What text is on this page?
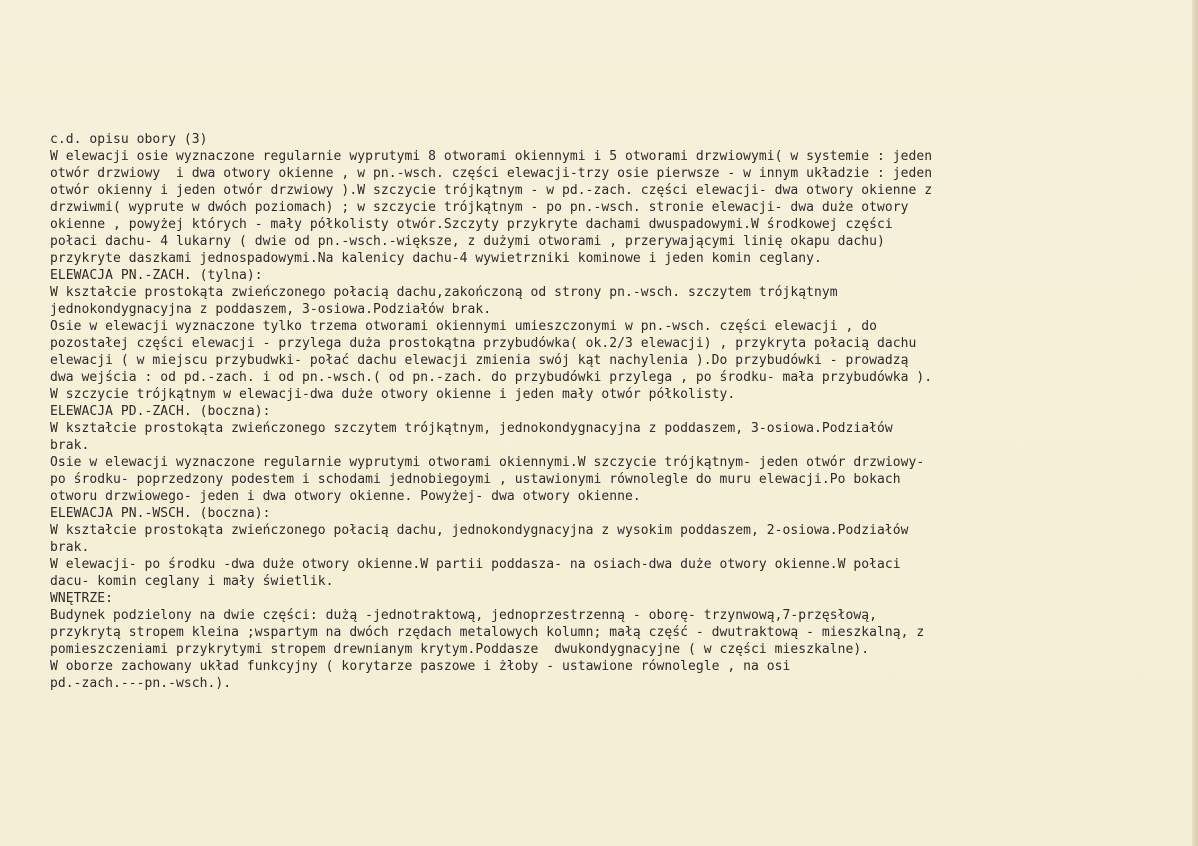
c.d. opisu obory (3)
W elewacji osie wyznaczone regularnie wyprutymi 8 otworami okiennymi i 5 otworami drzwiowymi( w systemie : jeden
otwór drzwiowy  i dwa otwory okienne , w pn.-wsch. części elewacji-trzy osie pierwsze - w innym układzie : jeden
otwór okienny i jeden otwór drzwiowy ).W szczycie trójkątnym - w pd.-zach. części elewacji- dwa otwory okienne z
drzwiwmi( wyprute w dwóch poziomach) ; w szczycie trójkątnym - po pn.-wsch. stronie elewacji- dwa duże otwory
okienne , powyżej których - mały półkolisty otwór.Szczyty przykryte dachami dwuspadowymi.W środkowej części
połaci dachu- 4 lukarny ( dwie od pn.-wsch.-większe, z dużymi otworami , przerywającymi linię okapu dachu)
przykryte daszkami jednospadowymi.Na kalenicy dachu-4 wywietrzniki kominowe i jeden komin ceglany.
ELEWACJA PN.-ZACH. (tylna):
W kształcie prostokąta zwieńczonego połacią dachu,zakończoną od strony pn.-wsch. szczytem trójkątnym
jednokondygnacyjna z poddaszem, 3-osiowa.Podziałów brak.
Osie w elewacji wyznaczone tylko trzema otworami okiennymi umieszczonymi w pn.-wsch. części elewacji , do
pozostałej części elewacji - przylega duża prostokątna przybudówka( ok.2/3 elewacji) , przykryta połacią dachu
elewacji ( w miejscu przybudwki- połać dachu elewacji zmienia swój kąt nachylenia ).Do przybudówki - prowadzą
dwa wejścia : od pd.-zach. i od pn.-wsch.( od pn.-zach. do przybudówki przylega , po środku- mała przybudówka ).
W szczycie trójkątnym w elewacji-dwa duże otwory okienne i jeden mały otwór półkolisty.
ELEWACJA PD.-ZACH. (boczna):
W kształcie prostokąta zwieńczonego szczytem trójkątnym, jednokondygnacyjna z poddaszem, 3-osiowa.Podziałów
brak.
Osie w elewacji wyznaczone regularnie wyprutymi otworami okiennymi.W szczycie trójkątnym- jeden otwór drzwiowy-
po środku- poprzedzony podestem i schodami jednobiegoymi , ustawionymi równolegle do muru elewacji.Po bokach
otworu drzwiowego- jeden i dwa otwory okienne. Powyżej- dwa otwory okienne.
ELEWACJA PN.-WSCH. (boczna):
W kształcie prostokąta zwieńczonego połacią dachu, jednokondygnacyjna z wysokim poddaszem, 2-osiowa.Podziałów
brak.
W elewacji- po środku -dwa duże otwory okienne.W partii poddasza- na osiach-dwa duże otwory okienne.W połaci
dacu- komin ceglany i mały świetlik.
WNĘTRZE:
Budynek podzielony na dwie części: dużą -jednotraktową, jednoprzestrzenną - oborę- trzynwową,7-przęsłową,
przykrytą stropem kleina ;wspartym na dwóch rzędach metalowych kolumn; małą część - dwutraktową - mieszkalną, z
pomieszczeniami przykrytymi stropem drewnianym krytym.Poddasze  dwukondygnacyjne ( w części mieszkalne).
W oborze zachowany układ funkcyjny ( korytarze paszowe i żłoby - ustawione równolegle , na osi
pd.-zach.---pn.-wsch.).
